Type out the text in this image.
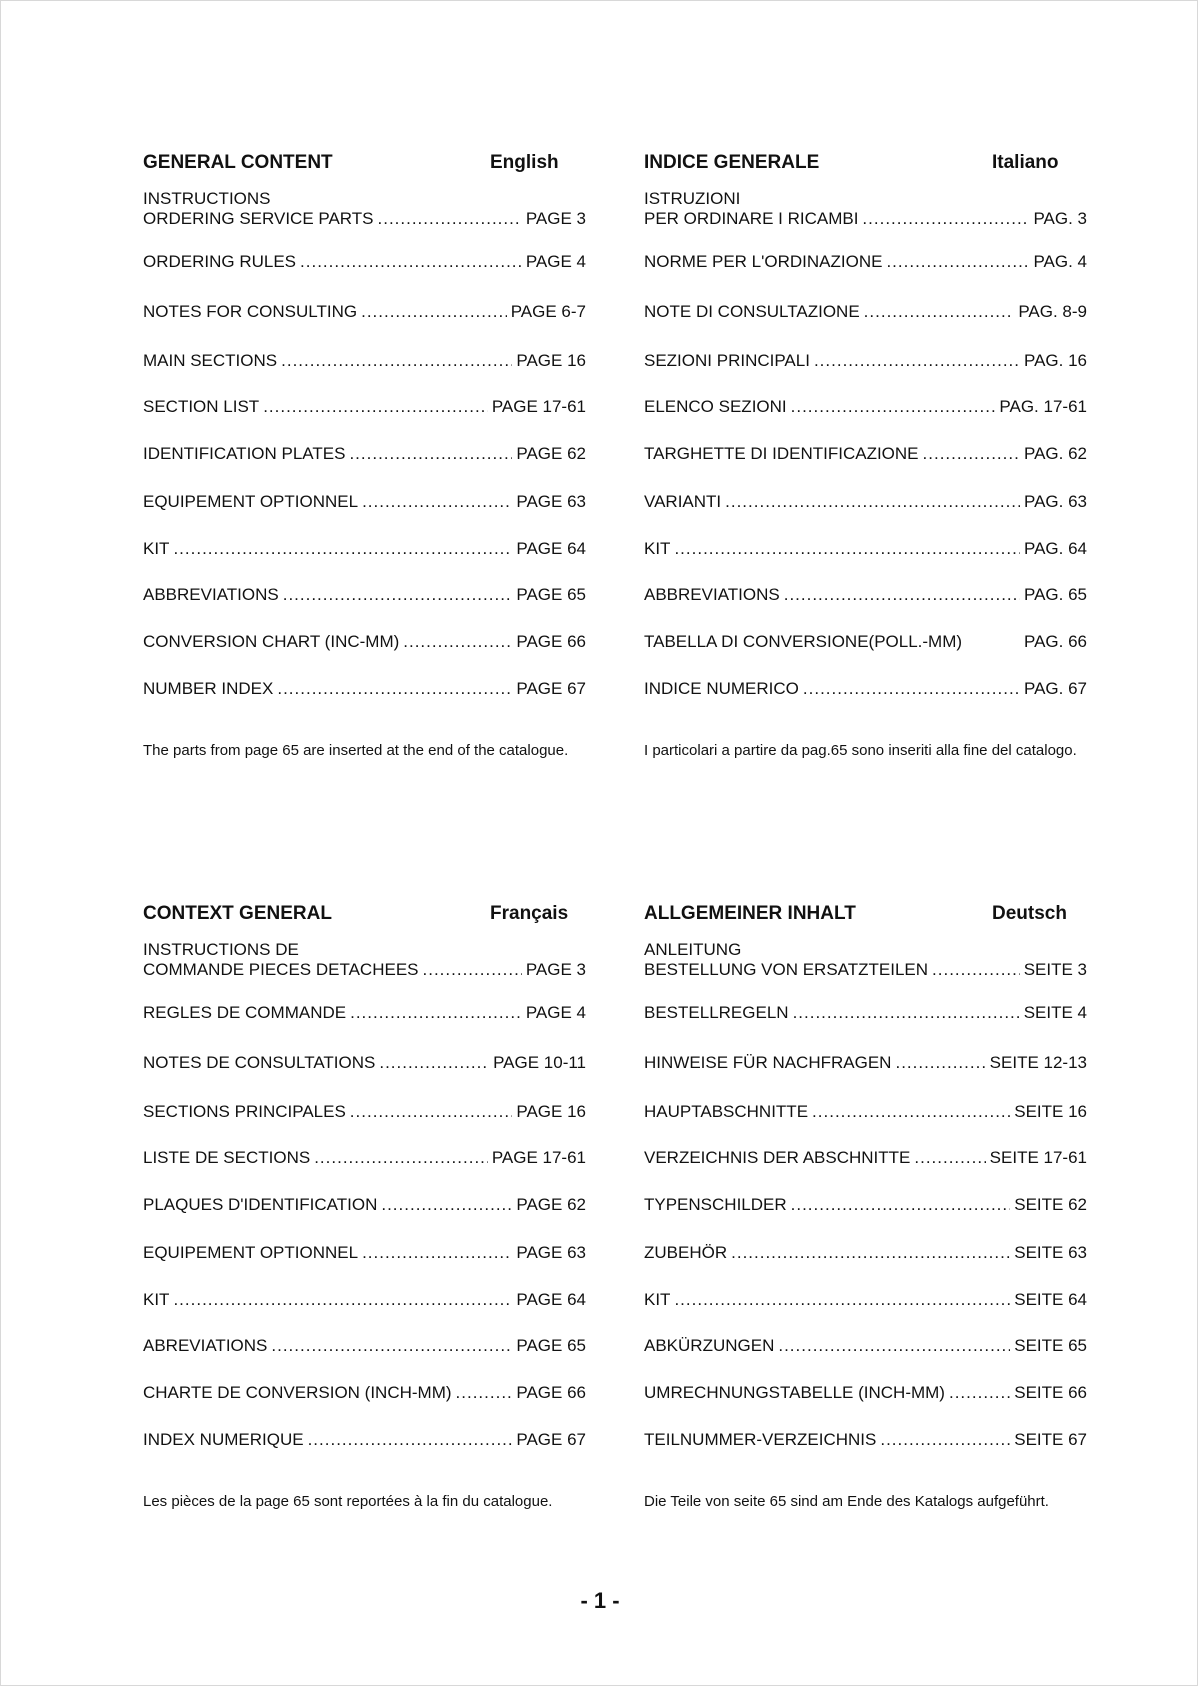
GENERAL CONTENT	English
INSTRUCTIONS
ORDERING SERVICE PARTS .....	PAGE 3
ORDERING RULES .....	PAGE 4
NOTES FOR CONSULTING .....	PAGE 6-7
MAIN SECTIONS .....	PAGE 16
SECTION LIST .....	PAGE 17-61
IDENTIFICATION PLATES .....	PAGE 62
EQUIPEMENT OPTIONNEL .....	PAGE 63
KIT .....	PAGE 64
ABBREVIATIONS .....	PAGE 65
CONVERSION CHART (INC-MM) .....	PAGE 66
NUMBER INDEX .....	PAGE 67
The parts from page 65 are inserted at the end of the catalogue.
INDICE GENERALE	Italiano
ISTRUZIONI
PER ORDINARE I RICAMBI .....	PAG. 3
NORME PER L'ORDINAZIONE .....	PAG. 4
NOTE DI CONSULTAZIONE .....	PAG. 8-9
SEZIONI PRINCIPALI .....	PAG. 16
ELENCO SEZIONI .....	PAG. 17-61
TARGHETTE DI IDENTIFICAZIONE .....	PAG. 62
VARIANTI .....	PAG. 63
KIT .....	PAG. 64
ABBREVIATIONS .....	PAG. 65
TABELLA DI CONVERSIONE(POLL.-MM)	PAG. 66
INDICE NUMERICO .....	PAG. 67
I particolari a partire da pag.65 sono inseriti alla fine del catalogo.
CONTEXT GENERAL	Français
INSTRUCTIONS DE
COMMANDE PIECES DETACHEES .....	PAGE 3
REGLES DE COMMANDE .....	PAGE 4
NOTES DE CONSULTATIONS .....	PAGE 10-11
SECTIONS PRINCIPALES .....	PAGE 16
LISTE DE SECTIONS .....	PAGE 17-61
PLAQUES D'IDENTIFICATION .....	PAGE 62
EQUIPEMENT OPTIONNEL .....	PAGE 63
KIT .....	PAGE 64
ABREVIATIONS .....	PAGE 65
CHARTE DE CONVERSION (INCH-MM) .....	PAGE 66
INDEX NUMERIQUE .....	PAGE 67
Les pièces de la page 65 sont reportées à la fin du catalogue.
ALLGEMEINER INHALT	Deutsch
ANLEITUNG
BESTELLUNG VON ERSATZTEILEN .....	SEITE 3
BESTELLREGELN .....	SEITE 4
HINWEISE FÜR NACHFRAGEN .....	SEITE 12-13
HAUPTABSCHNITTE .....	SEITE 16
VERZEICHNIS DER ABSCHNITTE .....	SEITE 17-61
TYPENSCHILDER .....	SEITE 62
ZUBEHÖR .....	SEITE 63
KIT .....	SEITE 64
ABKÜRZUNGEN .....	SEITE 65
UMRECHNUNGSTABELLE (INCH-MM) .....	SEITE 66
TEILNUMMER-VERZEICHNIS .....	SEITE 67
Die Teile von seite 65 sind am Ende des Katalogs aufgeführt.
- 1 -
